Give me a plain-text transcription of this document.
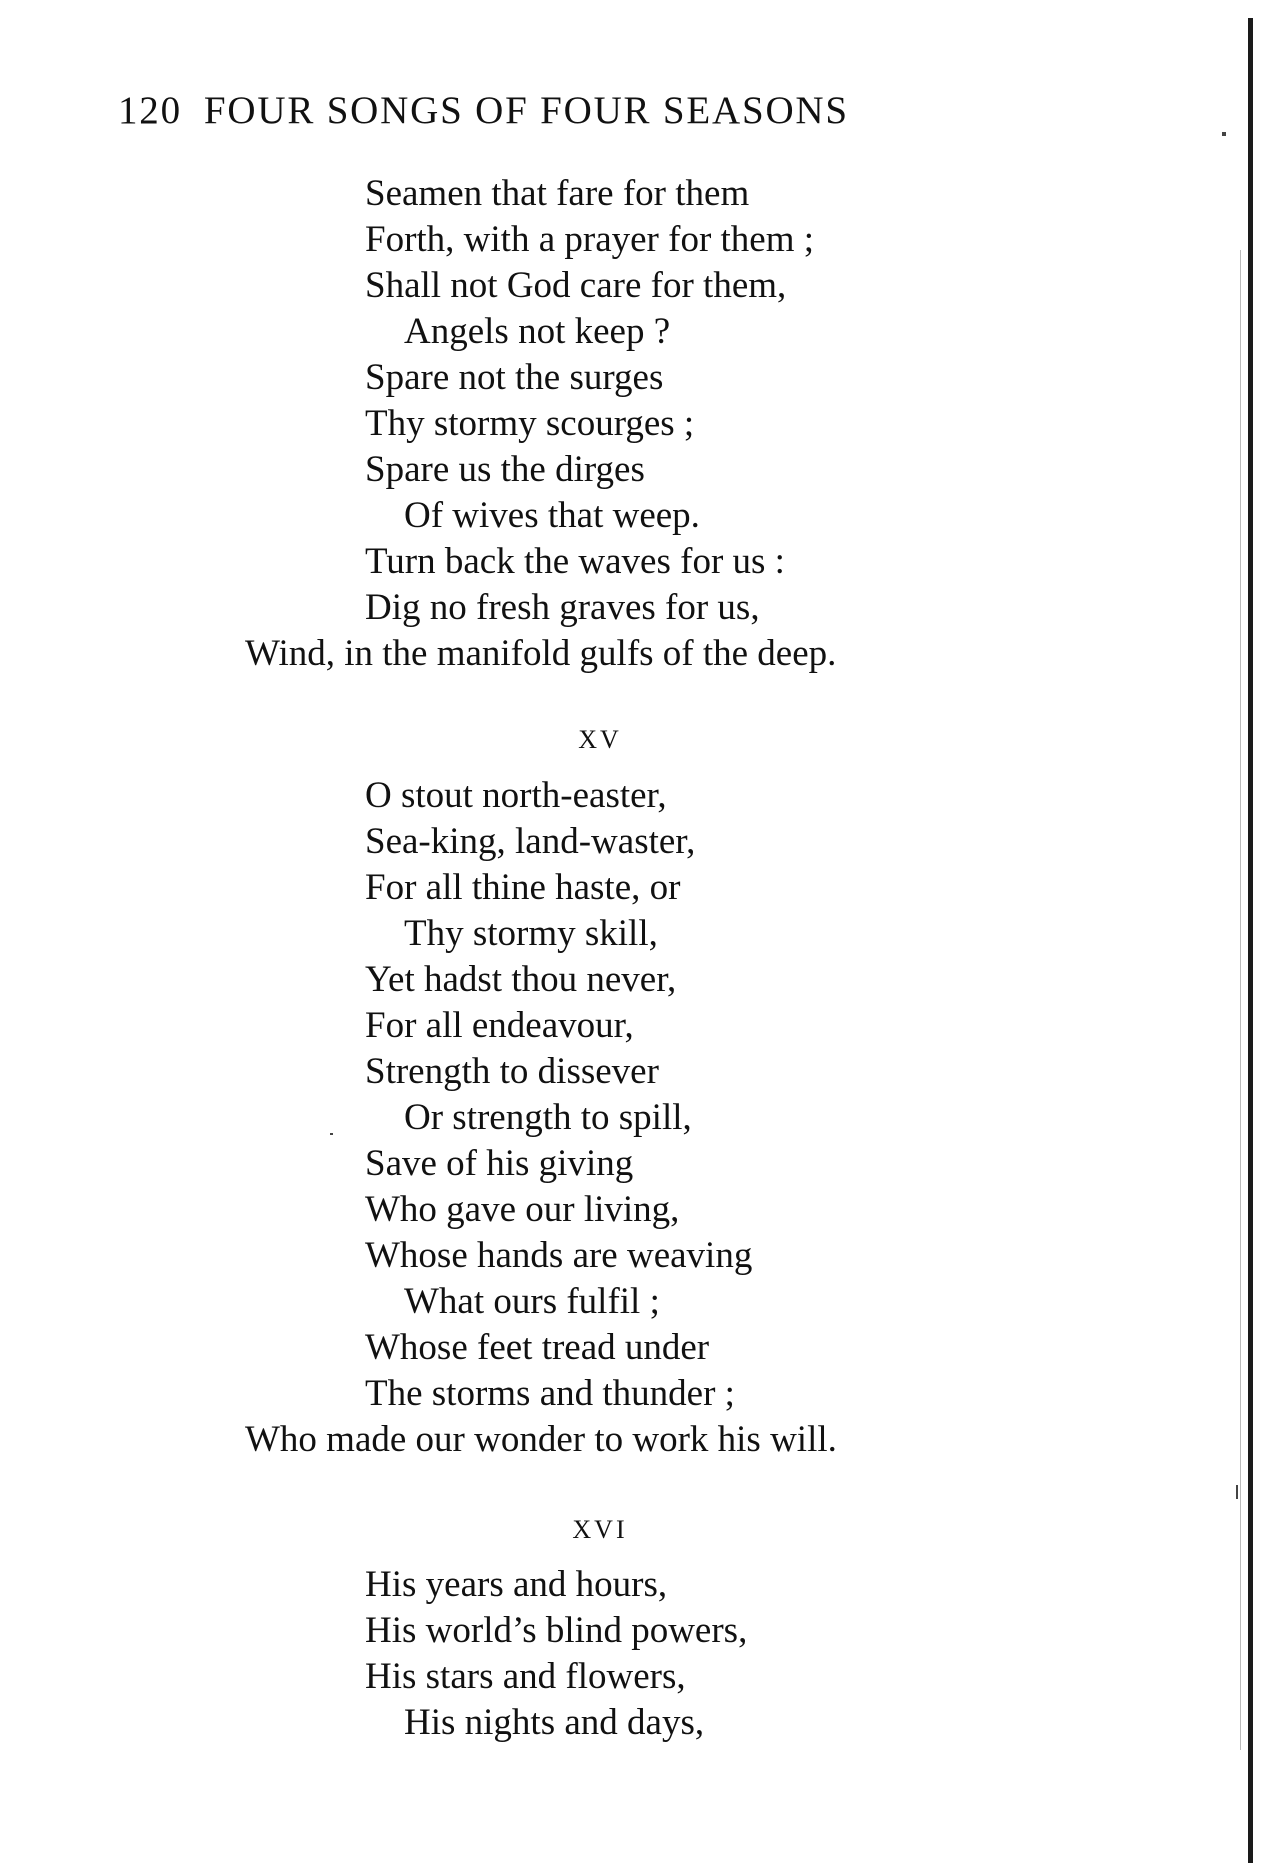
120 FOUR SONGS OF FOUR SEASONS
Seamen that fare for them
Forth, with a prayer for them ;
Shall not God care for them,
Angels not keep ?
Spare not the surges
Thy stormy scourges ;
Spare us the dirges
Of wives that weep.
Turn back the waves for us :
Dig no fresh graves for us,
Wind, in the manifold gulfs of the deep.
XV
O stout north-easter,
Sea-king, land-waster,
For all thine haste, or
Thy stormy skill,
Yet hadst thou never,
For all endeavour,
Strength to dissever
Or strength to spill,
Save of his giving
Who gave our living,
Whose hands are weaving
What ours fulfil ;
Whose feet tread under
The storms and thunder ;
Who made our wonder to work his will.
XVI
His years and hours,
His world’s blind powers,
His stars and flowers,
His nights and days,
